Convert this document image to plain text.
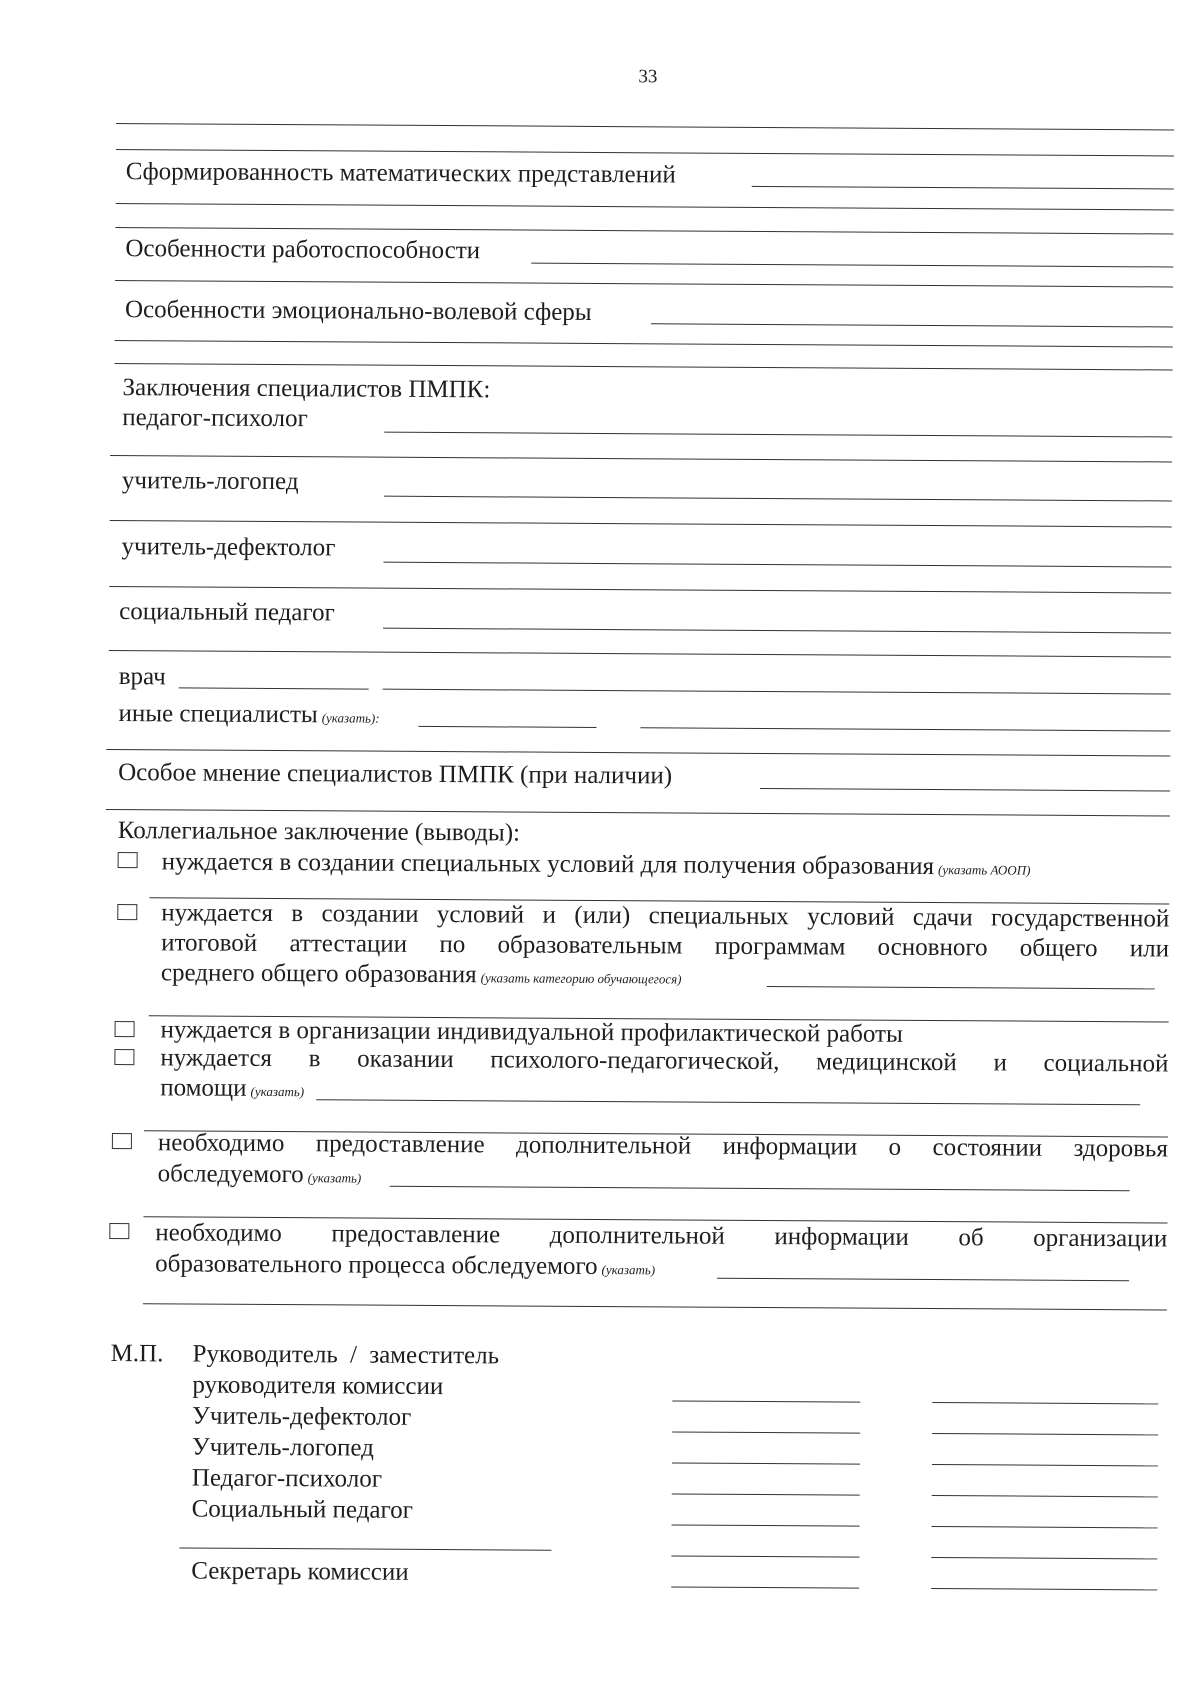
33
Сформированность математических представлений
Особенности работоспособности
Особенности эмоционально-волевой сферы
Заключения специалистов ПМПК:
педагог-психолог
учитель-логопед
учитель-дефектолог
социальный педагог
врач
иные специалисты (указать):
Особое мнение специалистов ПМПК (при наличии)
Коллегиальное заключение (выводы):
нуждается в создании специальных условий для получения образования (указать АООП)
нуждается в создании условий и (или) специальных условий сдачи государственной
итоговой аттестации по образовательным программам основного общего или
среднего общего образования (указать категорию обучающегося)
нуждается в организации индивидуальной профилактической работы
нуждается в оказании психолого-педагогической, медицинской и социальной
помощи (указать)
необходимо предоставление дополнительной информации о состоянии здоровья
обследуемого (указать)
необходимо предоставление дополнительной информации об организации
образовательного процесса обследуемого (указать)
М.П. Руководитель / заместитель
руководителя комиссии
Учитель-дефектолог
Учитель-логопед
Педагог-психолог
Социальный педагог
Секретарь комиссии
